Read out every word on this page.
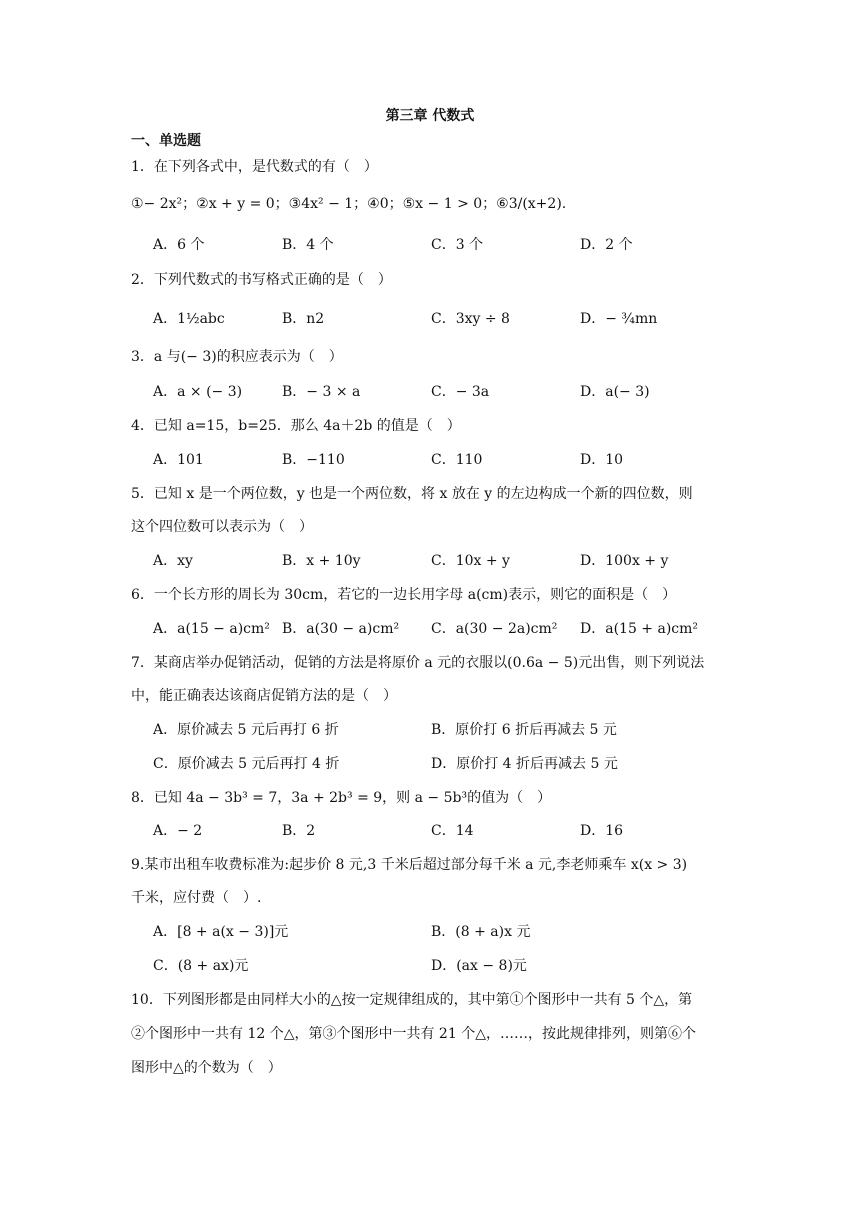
第三章 代数式
一、单选题
1．在下列各式中，是代数式的有（　）
①− 2x²；②x + y = 0；③4x² − 1；④0；⑤x − 1 > 0；⑥3/(x+2).
A．6 个	B．4 个	C．3 个	D．2 个
2．下列代数式的书写格式正确的是（　）
A．1½abc	B．n2	C．3xy ÷ 8	D．− ¾mn
3．a 与(− 3)的积应表示为（　）
A．a × (− 3)	B．− 3 × a	C．− 3a	D．a(− 3)
4．已知 a=15，b=25．那么 4a＋2b 的值是（　）
A．101	B．−110	C．110	D．10
5．已知 x 是一个两位数，y 也是一个两位数，将 x 放在 y 的左边构成一个新的四位数，则
这个四位数可以表示为（　）
A．xy	B．x + 10y	C．10x + y	D．100x + y
6．一个长方形的周长为 30cm，若它的一边长用字母 a(cm)表示，则它的面积是（　）
A．a(15 − a)cm² B．a(30 − a)cm² C．a(30 − 2a)cm² D．a(15 + a)cm²
7．某商店举办促销活动，促销的方法是将原价 a 元的衣服以(0.6a − 5)元出售，则下列说法
中，能正确表达该商店促销方法的是（　）
A．原价减去 5 元后再打 6 折	B．原价打 6 折后再减去 5 元
C．原价减去 5 元后再打 4 折	D．原价打 4 折后再减去 5 元
8．已知 4a − 3b³ = 7，3a + 2b³ = 9，则 a − 5b³的值为（　）
A．− 2	B．2	C．14	D．16
9.某市出租车收费标准为:起步价 8 元,3 千米后超过部分每千米 a 元,李老师乘车 x(x > 3)
千米，应付费（　）.
A．[8 + a(x − 3)]元	B．(8 + a)x 元
C．(8 + ax)元	D．(ax − 8)元
10．下列图形都是由同样大小的△按一定规律组成的，其中第①个图形中一共有 5 个△，第
②个图形中一共有 12 个△，第③个图形中一共有 21 个△，……，按此规律排列，则第⑥个
图形中△的个数为（　）
